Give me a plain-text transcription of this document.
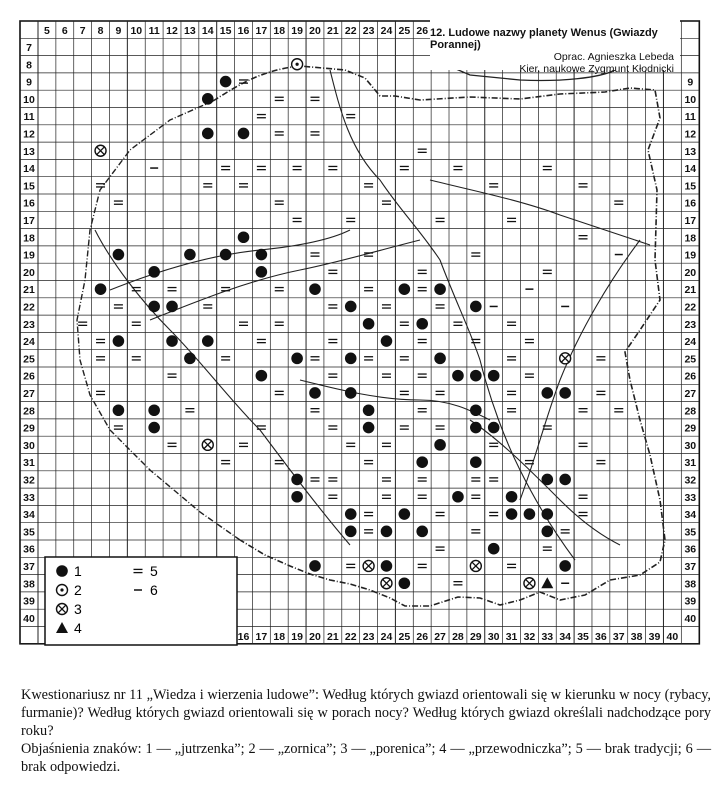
5 6 7 8 9 10 11 12 13 14 15 16 17 18 19 20 21 22 23 24 25 26
16 17 18 19 20 21 22 23 24 25 26 27 28 29 30 31 32 33 34 35 36 37 38 39 40
7
8
9
10
11
12
13
14
15
16
17
18
19
20
21
22
23
24
25
26
27
28
29
30
31
32
33
34
35
36
37
38
39
40
9
10
11
12
13
14
15
16
17
18
19
20
21
22
23
24
25
26
27
28
29
30
31
32
33
34
35
36
37
38
39
40
1	5
2	6
3
4
12. Ludowe nazwy planety Wenus (Gwiazdy Porannej)
Oprac. Agnieszka Lebeda
Kier. naukowe Zygmunt Kłodnicki

Kwestionariusz nr 11 „Wiedza i wierzenia ludowe”: Według których gwiazd orientowali się w kierunku w nocy (rybacy, furmanie)? Według których gwiazd orientowali się w porach nocy? Według których gwiazd określali nadchodzące pory roku?

Objaśnienia znaków: 1 — „jutrzenka”; 2 — „zornica”; 3 — „porenica”; 4 — „przewodniczka”; 5 — brak tradycji; 6 — brak odpowiedzi.
